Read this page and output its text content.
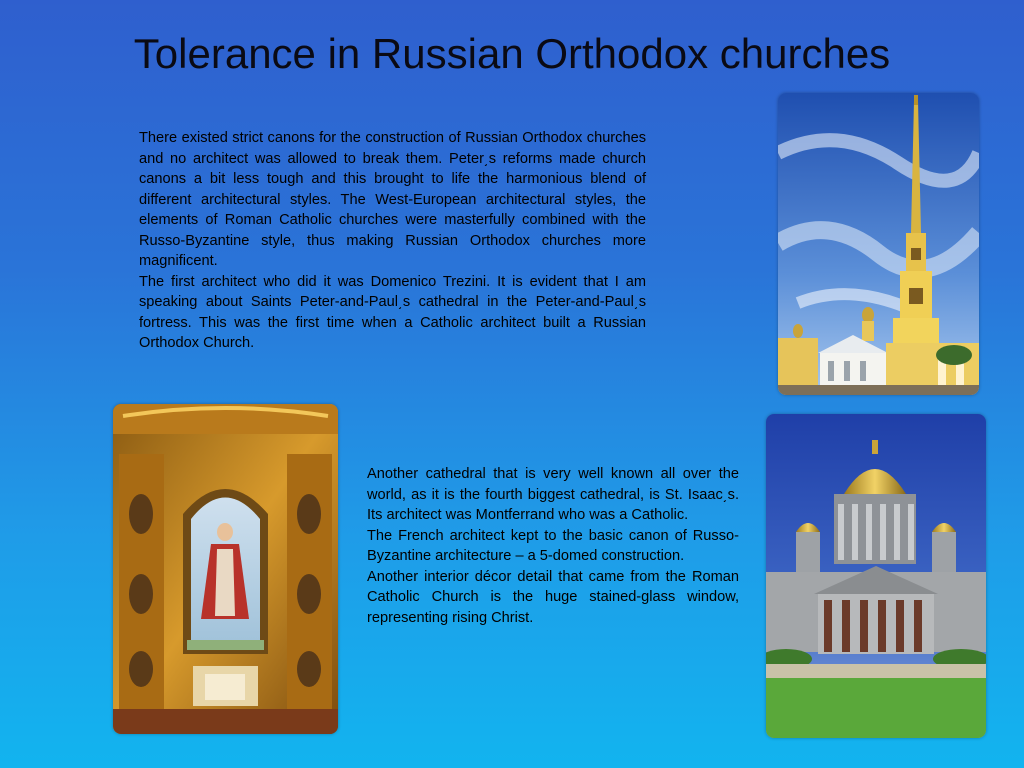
Tolerance in Russian Orthodox churches

There existed strict canons for the construction of Russian Orthodox churches and no architect was allowed to break them. Peter͵s reforms made church canons a bit less tough and this brought to life the harmonious blend of different architectural styles. The West-European architectural styles, the elements of Roman Catholic churches were masterfully combined with the Russo-Byzantine style, thus making Russian Orthodox churches more magnificent.

The first architect who did it was Domenico Trezini. It is evident that I am speaking about Saints Peter-and-Paul͵s cathedral in the Peter-and-Paul͵s fortress. This was the first time when a Catholic architect built a Russian Orthodox Church.

Another cathedral that is very well known all over the world, as it is the fourth biggest cathedral, is St. Isaac͵s. Its architect was Montferrand who was a Catholic.

The French architect kept to the basic canon of Russo-Byzantine architecture – a 5-domed construction.

Another interior décor detail that came from the Roman Catholic Church is the huge stained-glass window, representing rising Christ.
